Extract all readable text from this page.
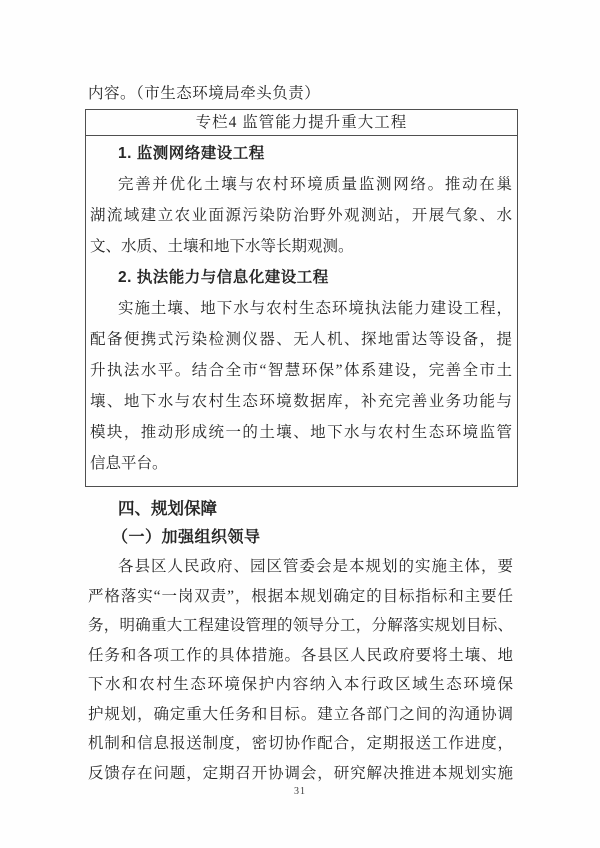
内容。（市生态环境局牵头负责）
专栏4 监管能力提升重大工程
1. 监测网络建设工程
完善并优化土壤与农村环境质量监测网络。推动在巢
湖流域建立农业面源污染防治野外观测站，开展气象、水
文、水质、土壤和地下水等长期观测。
2. 执法能力与信息化建设工程
实施土壤、地下水与农村生态环境执法能力建设工程，
配备便携式污染检测仪器、无人机、探地雷达等设备，提
升执法水平。结合全市“智慧环保”体系建设，完善全市土
壤、地下水与农村生态环境数据库，补充完善业务功能与
模块，推动形成统一的土壤、地下水与农村生态环境监管
信息平台。
四、规划保障
（一）加强组织领导
各县区人民政府、园区管委会是本规划的实施主体，要
严格落实“一岗双责”，根据本规划确定的目标指标和主要任
务，明确重大工程建设管理的领导分工，分解落实规划目标、
任务和各项工作的具体措施。各县区人民政府要将土壤、地
下水和农村生态环境保护内容纳入本行政区域生态环境保
护规划，确定重大任务和目标。建立各部门之间的沟通协调
机制和信息报送制度，密切协作配合，定期报送工作进度，
反馈存在问题，定期召开协调会，研究解决推进本规划实施
31
